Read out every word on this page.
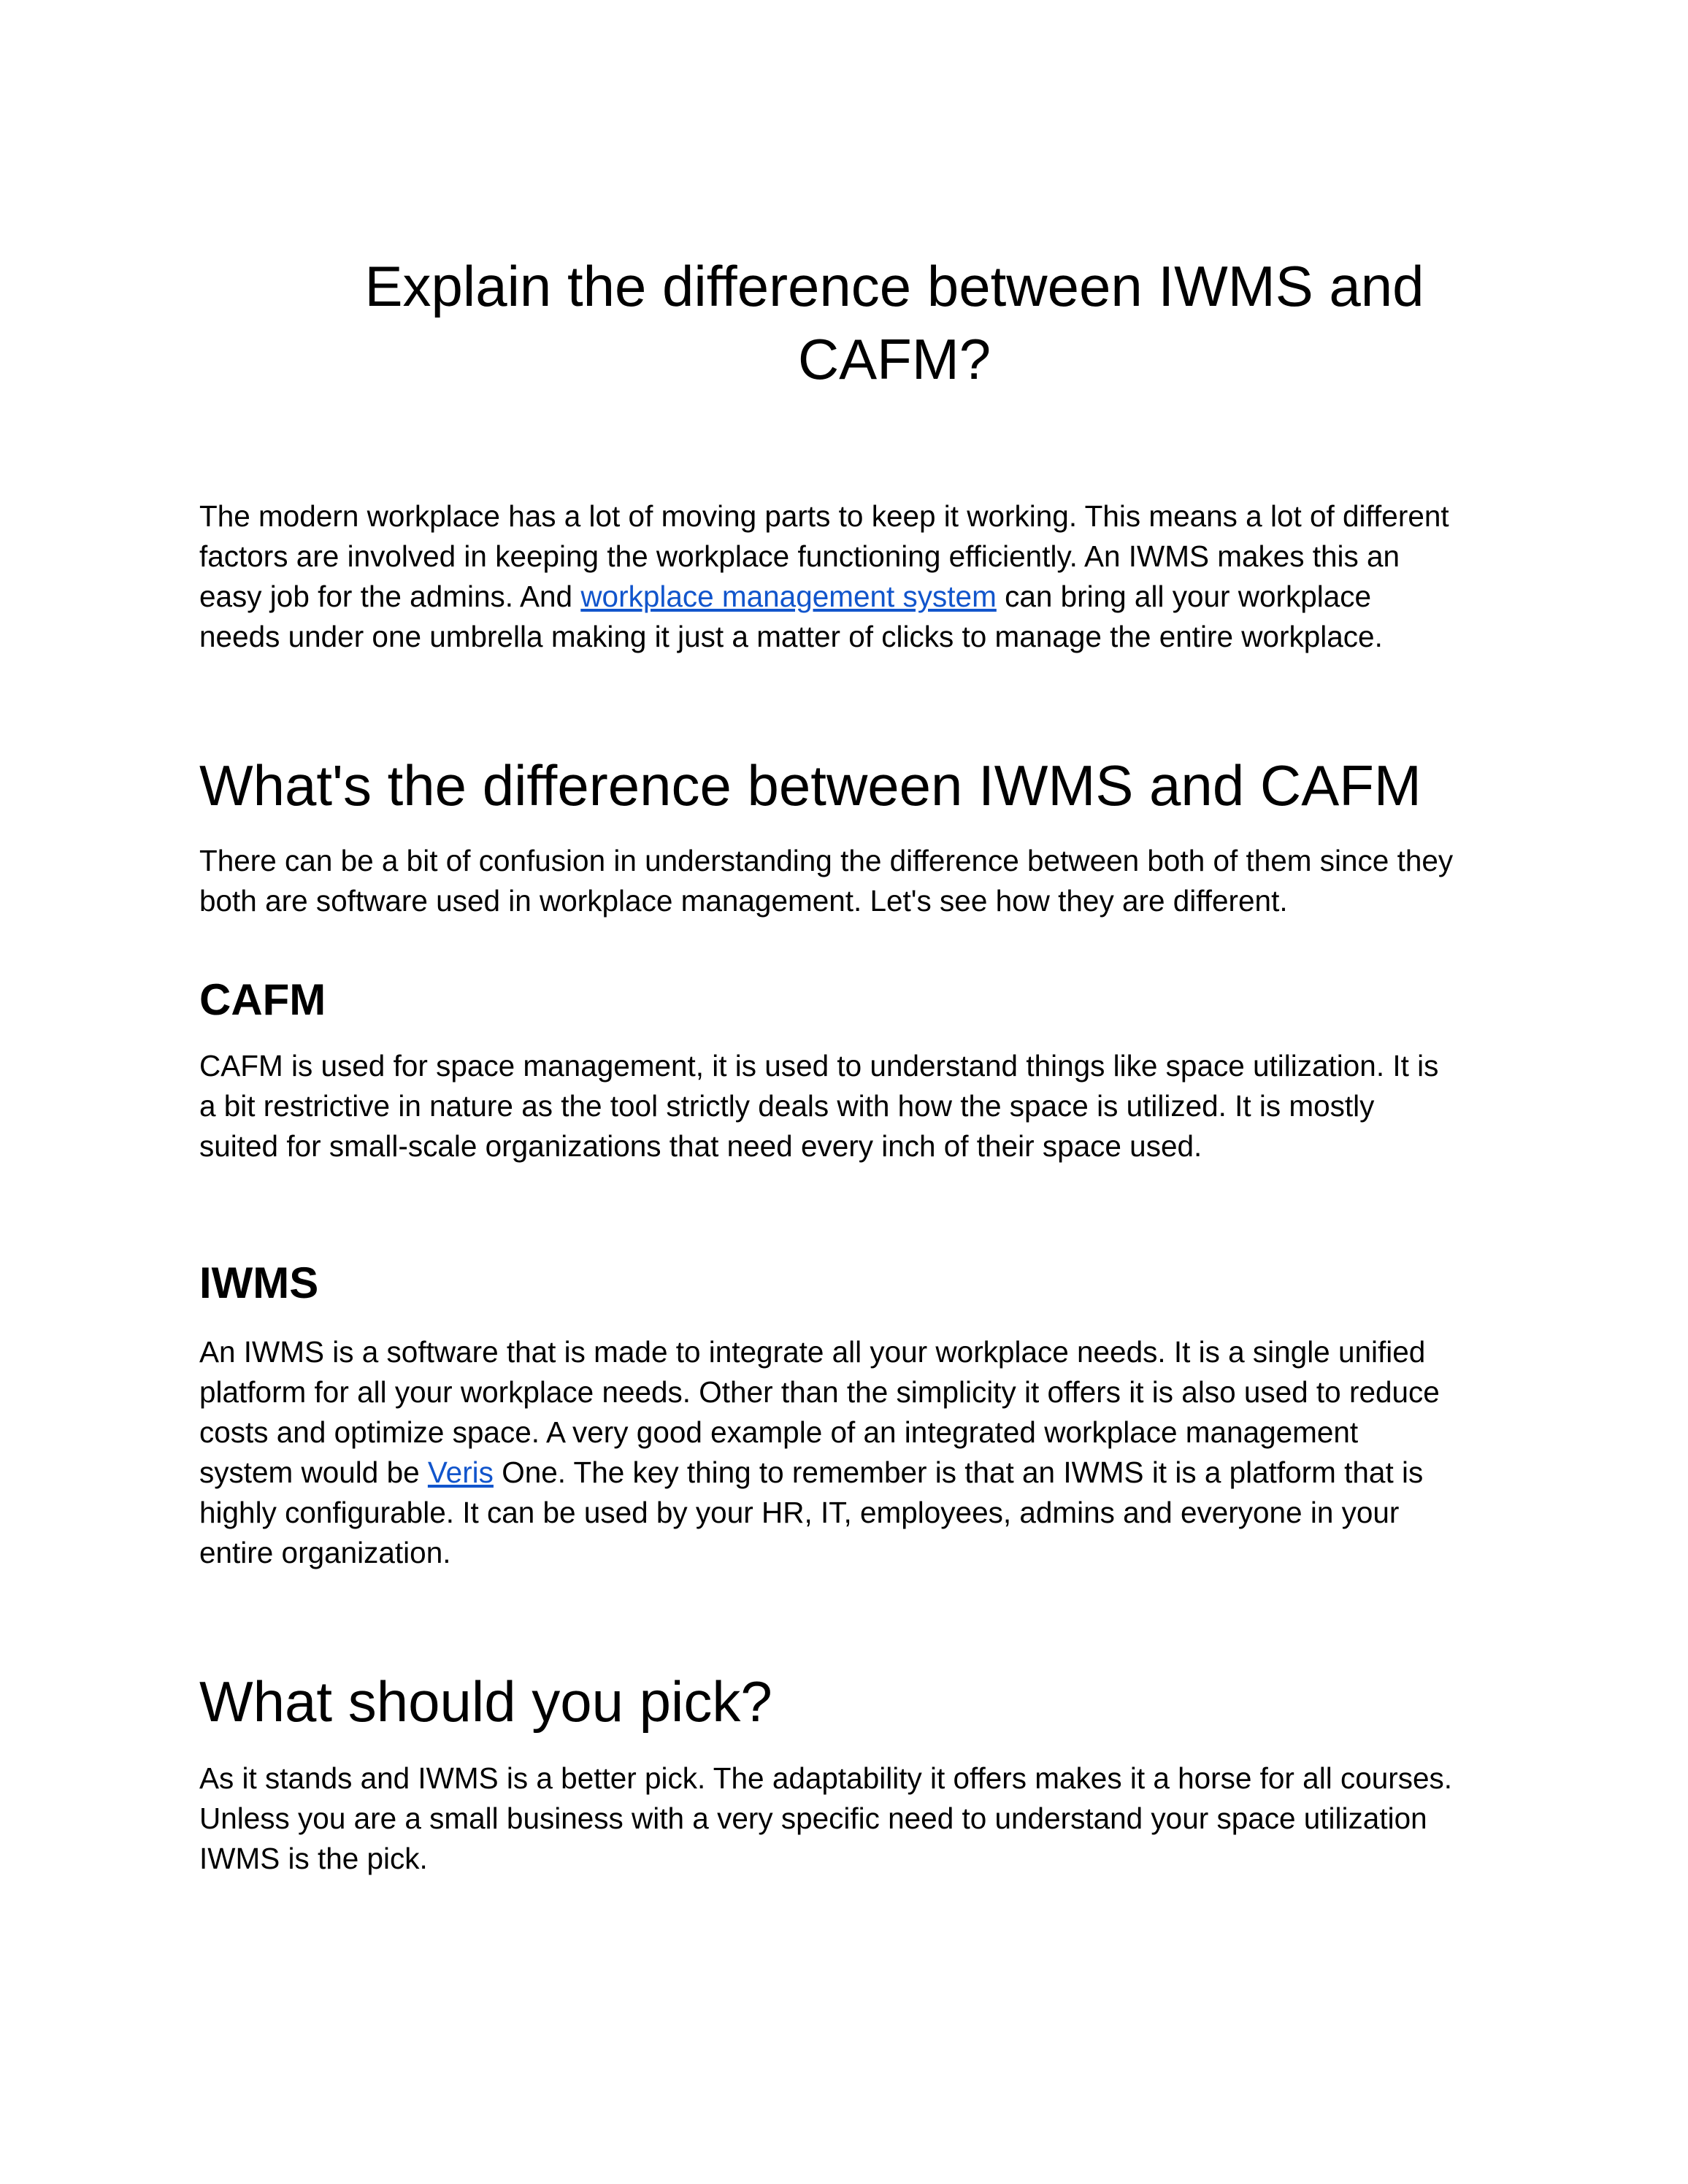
Explain the difference between IWMS and
CAFM?
The modern workplace has a lot of moving parts to keep it working. This means a lot of different
factors are involved in keeping the workplace functioning efficiently. An IWMS makes this an
easy job for the admins. And workplace management system can bring all your workplace
needs under one umbrella making it just a matter of clicks to manage the entire workplace.
What's the difference between IWMS and CAFM
There can be a bit of confusion in understanding the difference between both of them since they
both are software used in workplace management. Let's see how they are different.
CAFM
CAFM is used for space management, it is used to understand things like space utilization. It is
a bit restrictive in nature as the tool strictly deals with how the space is utilized. It is mostly
suited for small-scale organizations that need every inch of their space used.
IWMS
An IWMS is a software that is made to integrate all your workplace needs. It is a single unified
platform for all your workplace needs. Other than the simplicity it offers it is also used to reduce
costs and optimize space. A very good example of an integrated workplace management
system would be Veris One. The key thing to remember is that an IWMS it is a platform that is
highly configurable. It can be used by your HR, IT, employees, admins and everyone in your
entire organization.
What should you pick?
As it stands and IWMS is a better pick. The adaptability it offers makes it a horse for all courses.
Unless you are a small business with a very specific need to understand your space utilization
IWMS is the pick.
